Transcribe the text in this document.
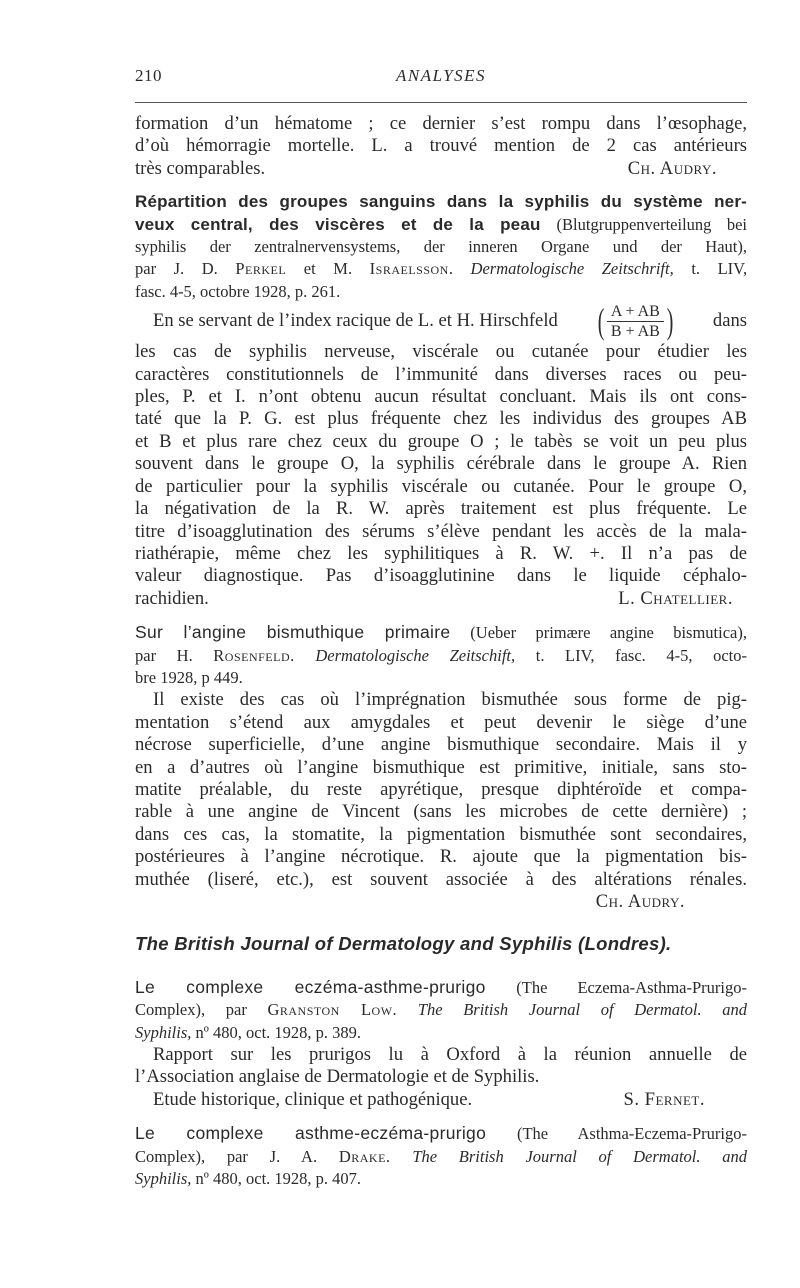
210	ANALYSES

formation d’un hématome ; ce dernier s’est rompu dans l’œsophage,

d’où hémorragie mortelle. L. a trouvé mention de 2 cas antérieurs

très comparables.	Ch. Audry.

Répartition des groupes sanguins dans la syphilis du système ner-

veux central, des viscères et de la peau (Blutgruppenverteilung bei

syphilis der zentralnervensystems, der inneren Organe und der Haut),

par J. D. Perkel et M. Israelsson. Dermatologische Zeitschrift, t. LIV,

fasc. 4-5, octobre 1928, p. 261.

En se servant de l’index racique de L. et H. Hirschfeld ( $\frac{A + AB}{B + AB}$ ) dans

les cas de syphilis nerveuse, viscérale ou cutanée pour étudier les

caractères constitutionnels de l’immunité dans diverses races ou peu-

ples, P. et I. n’ont obtenu aucun résultat concluant. Mais ils ont cons-

taté que la P. G. est plus fréquente chez les individus des groupes AB

et B et plus rare chez ceux du groupe O ; le tabès se voit un peu plus

souvent dans le groupe O, la syphilis cérébrale dans le groupe A. Rien

de particulier pour la syphilis viscérale ou cutanée. Pour le groupe O,

la négativation de la R. W. après traitement est plus fréquente. Le

titre d’isoagglutination des sérums s’élève pendant les accès de la mala-

riathérapie, même chez les syphilitiques à R. W. +. Il n’a pas de

valeur diagnostique. Pas d’isoagglutinine dans le liquide céphalo-

rachidien.	L. Chatellier.

Sur l’angine bismuthique primaire (Ueber primære angine bismutica),

par H. Rosenfeld. Dermatologische Zeitschift, t. LIV, fasc. 4-5, octo-

bre 1928, p 449.

Il existe des cas où l’imprégnation bismuthée sous forme de pig-

mentation s’étend aux amygdales et peut devenir le siège d’une

nécrose superficielle, d’une angine bismuthique secondaire. Mais il y

en a d’autres où l’angine bismuthique est primitive, initiale, sans sto-

matite préalable, du reste apyrétique, presque diphtéroïde et compa-

rable à une angine de Vincent (sans les microbes de cette dernière) ;

dans ces cas, la stomatite, la pigmentation bismuthée sont secondaires,

postérieures à l’angine nécrotique. R. ajoute que la pigmentation bis-

muthée (liseré, etc.), est souvent associée à des altérations rénales.

Ch. Audry.

The British Journal of Dermatology and Syphilis (Londres).

Le complexe eczéma-asthme-prurigo (The Eczema-Asthma-Prurigo-

Complex), par Granston Low. The British Journal of Dermatol. and

Syphilis, nº 480, oct. 1928, p. 389.

Rapport sur les prurigos lu à Oxford à la réunion annuelle de

l’Association anglaise de Dermatologie et de Syphilis.

Etude historique, clinique et pathogénique.	S. Fernet.

Le complexe asthme-eczéma-prurigo (The Asthma-Eczema-Prurigo-

Complex), par J. A. Drake. The British Journal of Dermatol. and

Syphilis, nº 480, oct. 1928, p. 407.
